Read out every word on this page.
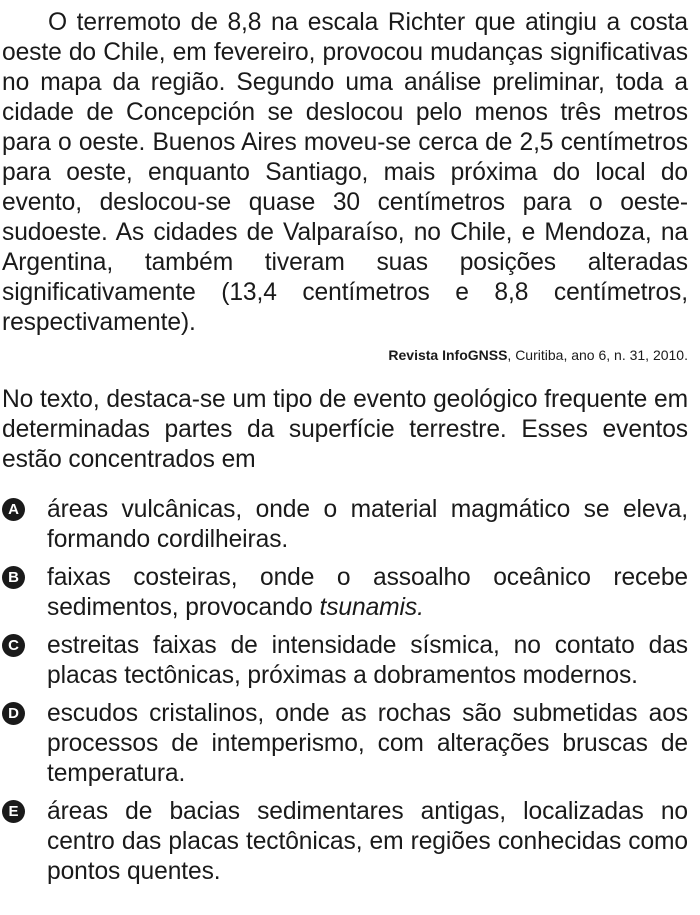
O terremoto de 8,8 na escala Richter que atingiu a costa oeste do Chile, em fevereiro, provocou mudanças significativas no mapa da região. Segundo uma análise preliminar, toda a cidade de Concepción se deslocou pelo menos três metros para o oeste. Buenos Aires moveu-se cerca de 2,5 centímetros para oeste, enquanto Santiago, mais próxima do local do evento, deslocou-se quase 30 centímetros para o oeste-sudoeste. As cidades de Valparaíso, no Chile, e Mendoza, na Argentina, também tiveram suas posições alteradas significativamente (13,4 centímetros e 8,8 centímetros, respectivamente).

Revista InfoGNSS, Curitiba, ano 6, n. 31, 2010.

No texto, destaca-se um tipo de evento geológico frequente em determinadas partes da superfície terrestre. Esses eventos estão concentrados em

A áreas vulcânicas, onde o material magmático se eleva, formando cordilheiras.
B faixas costeiras, onde o assoalho oceânico recebe sedimentos, provocando tsunamis.
C estreitas faixas de intensidade sísmica, no contato das placas tectônicas, próximas a dobramentos modernos.
D escudos cristalinos, onde as rochas são submetidas aos processos de intemperismo, com alterações bruscas de temperatura.
E áreas de bacias sedimentares antigas, localizadas no centro das placas tectônicas, em regiões conhecidas como pontos quentes.
